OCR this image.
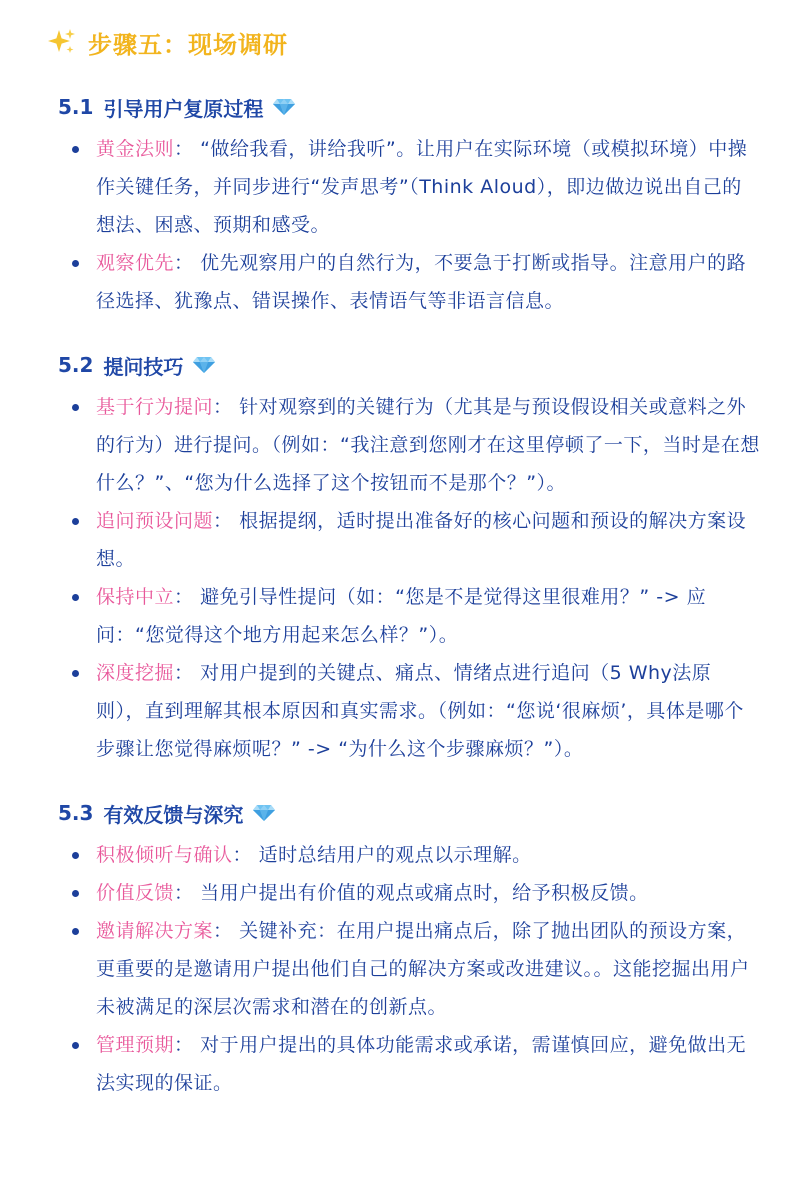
步骤五：现场调研
5.1 引导用户复原过程
黄金法则： “做给我看，讲给我听”。让用户在实际环境（或模拟环境）中操作关键任务，并同步进行“发声思考”（Think Aloud），即边做边说出自己的想法、困惑、预期和感受。
观察优先： 优先观察用户的自然行为，不要急于打断或指导。注意用户的路径选择、犹豫点、错误操作、表情语气等非语言信息。
5.2 提问技巧
基于行为提问： 针对观察到的关键行为（尤其是与预设假设相关或意料之外的行为）进行提问。（例如：“我注意到您刚才在这里停顿了一下，当时是在想什么？”、“您为什么选择了这个按钮而不是那个？”）。
追问预设问题： 根据提纲，适时提出准备好的核心问题和预设的解决方案设想。
保持中立： 避免引导性提问（如：“您是不是觉得这里很难用？” -> 应问：“您觉得这个地方用起来怎么样？”）。
深度挖掘： 对用户提到的关键点、痛点、情绪点进行追问（5 Why法原则），直到理解其根本原因和真实需求。（例如：“您说‘很麻烦’，具体是哪个步骤让您觉得麻烦呢？” -> “为什么这个步骤麻烦？”）。
5.3 有效反馈与深究
积极倾听与确认： 适时总结用户的观点以示理解。
价值反馈： 当用户提出有价值的观点或痛点时，给予积极反馈。
邀请解决方案： 关键补充：在用户提出痛点后，除了抛出团队的预设方案，更重要的是邀请用户提出他们自己的解决方案或改进建议。。这能挖掘出用户未被满足的深层次需求和潜在的创新点。
管理预期： 对于用户提出的具体功能需求或承诺，需谨慎回应，避免做出无法实现的保证。
